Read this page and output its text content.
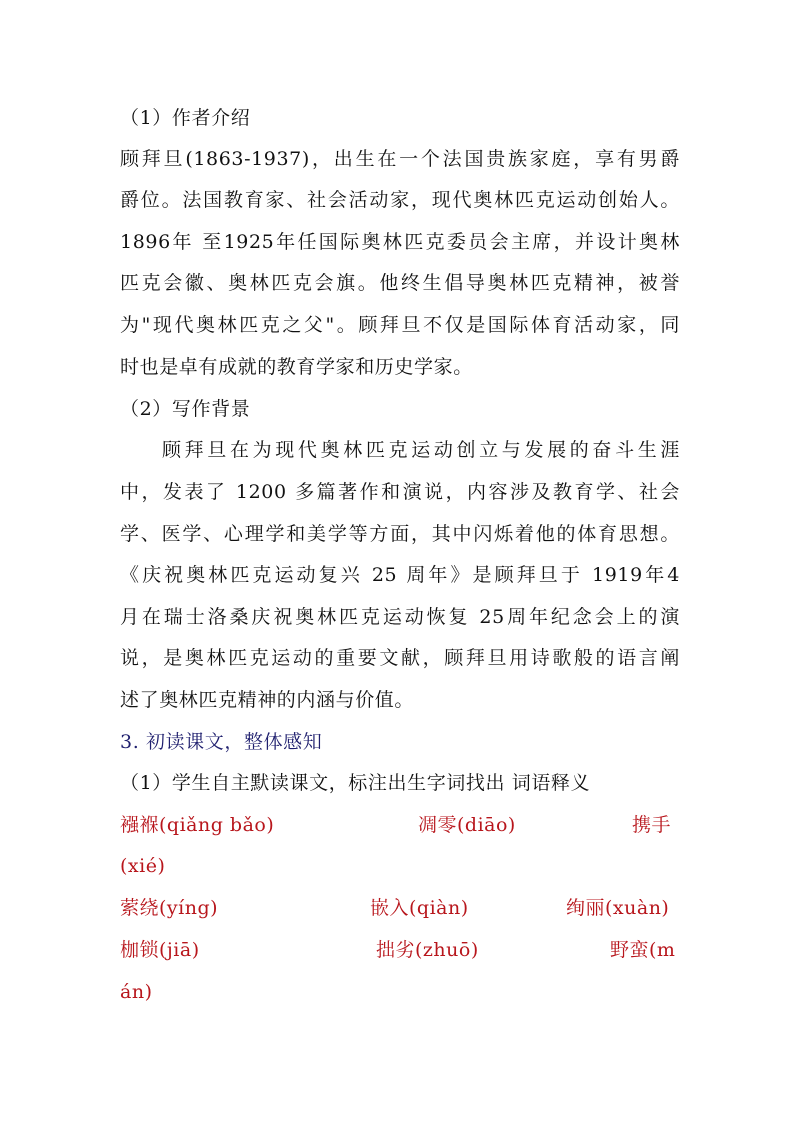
（1）作者介绍
顾拜旦(1863-1937)，出生在一个法国贵族家庭，享有男爵
爵位。法国教育家、社会活动家，现代奥林匹克运动创始人。
1896年 至1925年任国际奥林匹克委员会主席，并设计奥林
匹克会徽、奥林匹克会旗。他终生倡导奥林匹克精神，被誉
为"现代奥林匹克之父"。顾拜旦不仅是国际体育活动家，同
时也是卓有成就的教育学家和历史学家。
（2）写作背景
顾拜旦在为现代奥林匹克运动创立与发展的奋斗生涯
中，发表了 1200 多篇著作和演说，内容涉及教育学、社会
学、医学、心理学和美学等方面，其中闪烁着他的体育思想。
《庆祝奥林匹克运动复兴 25 周年》是顾拜旦于 1919年4
月在瑞士洛桑庆祝奥林匹克运动恢复 25周年纪念会上的演
说，是奥林匹克运动的重要文献，顾拜旦用诗歌般的语言阐
述了奥林匹克精神的内涵与价值。
3. 初读课文，整体感知
（1）学生自主默读课文，标注出生字词找出 词语释义
襁褓(qiǎng bǎo)	凋零(diāo)	携手
(xié)
萦绕(yíng)	嵌入(qiàn)	绚丽(xuàn)
枷锁(jiā)	拙劣(zhuō)	野蛮(m
án)
